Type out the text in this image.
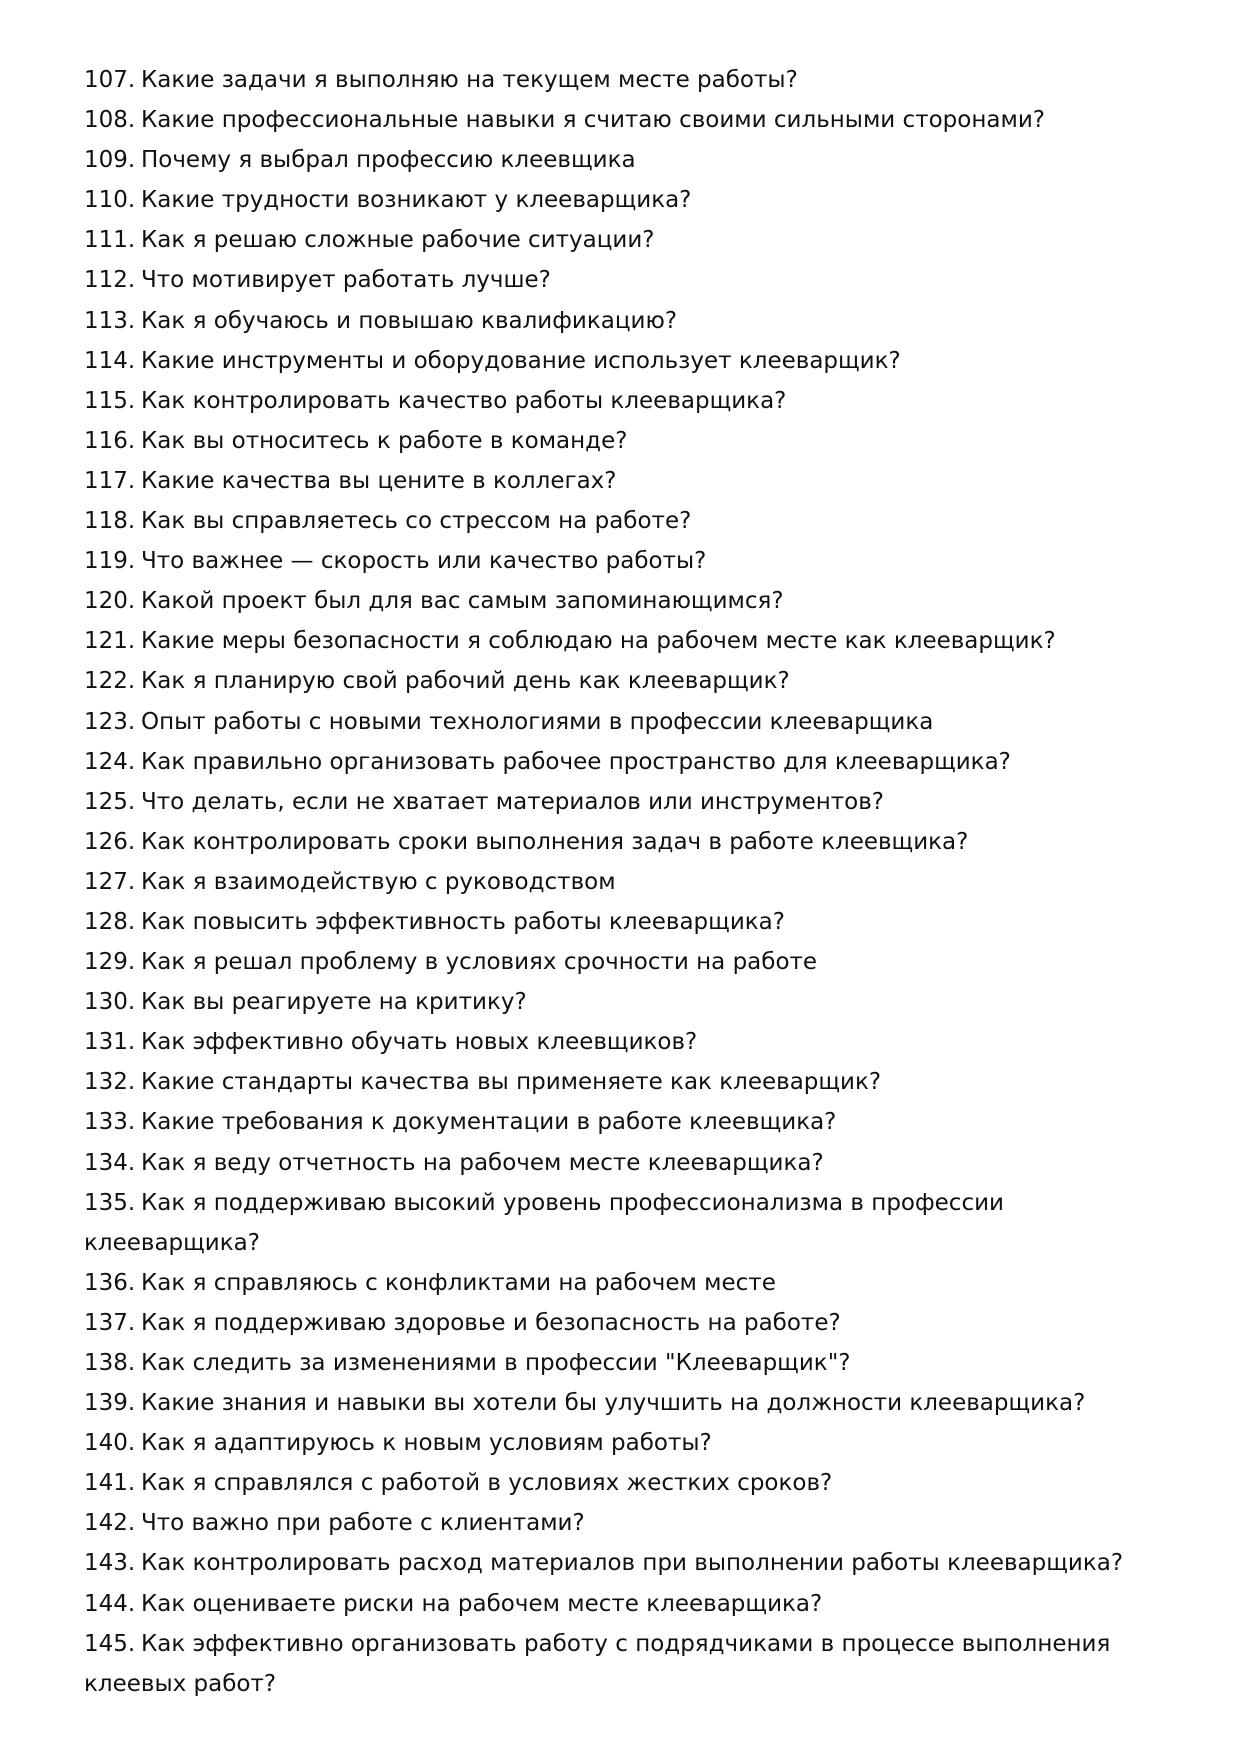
107. Какие задачи я выполняю на текущем месте работы?
108. Какие профессиональные навыки я считаю своими сильными сторонами?
109. Почему я выбрал профессию клеевщика
110. Какие трудности возникают у клееварщика?
111. Как я решаю сложные рабочие ситуации?
112. Что мотивирует работать лучше?
113. Как я обучаюсь и повышаю квалификацию?
114. Какие инструменты и оборудование использует клееварщик?
115. Как контролировать качество работы клееварщика?
116. Как вы относитесь к работе в команде?
117. Какие качества вы цените в коллегах?
118. Как вы справляетесь со стрессом на работе?
119. Что важнее — скорость или качество работы?
120. Какой проект был для вас самым запоминающимся?
121. Какие меры безопасности я соблюдаю на рабочем месте как клееварщик?
122. Как я планирую свой рабочий день как клееварщик?
123. Опыт работы с новыми технологиями в профессии клееварщика
124. Как правильно организовать рабочее пространство для клееварщика?
125. Что делать, если не хватает материалов или инструментов?
126. Как контролировать сроки выполнения задач в работе клеевщика?
127. Как я взаимодействую с руководством
128. Как повысить эффективность работы клееварщика?
129. Как я решал проблему в условиях срочности на работе
130. Как вы реагируете на критику?
131. Как эффективно обучать новых клеевщиков?
132. Какие стандарты качества вы применяете как клееварщик?
133. Какие требования к документации в работе клеевщика?
134. Как я веду отчетность на рабочем месте клееварщика?
135. Как я поддерживаю высокий уровень профессионализма в профессии клееварщика?
136. Как я справляюсь с конфликтами на рабочем месте
137. Как я поддерживаю здоровье и безопасность на работе?
138. Как следить за изменениями в профессии "Клееварщик"?
139. Какие знания и навыки вы хотели бы улучшить на должности клееварщика?
140. Как я адаптируюсь к новым условиям работы?
141. Как я справлялся с работой в условиях жестких сроков?
142. Что важно при работе с клиентами?
143. Как контролировать расход материалов при выполнении работы клееварщика?
144. Как оцениваете риски на рабочем месте клееварщика?
145. Как эффективно организовать работу с подрядчиками в процессе выполнения клеевых работ?
